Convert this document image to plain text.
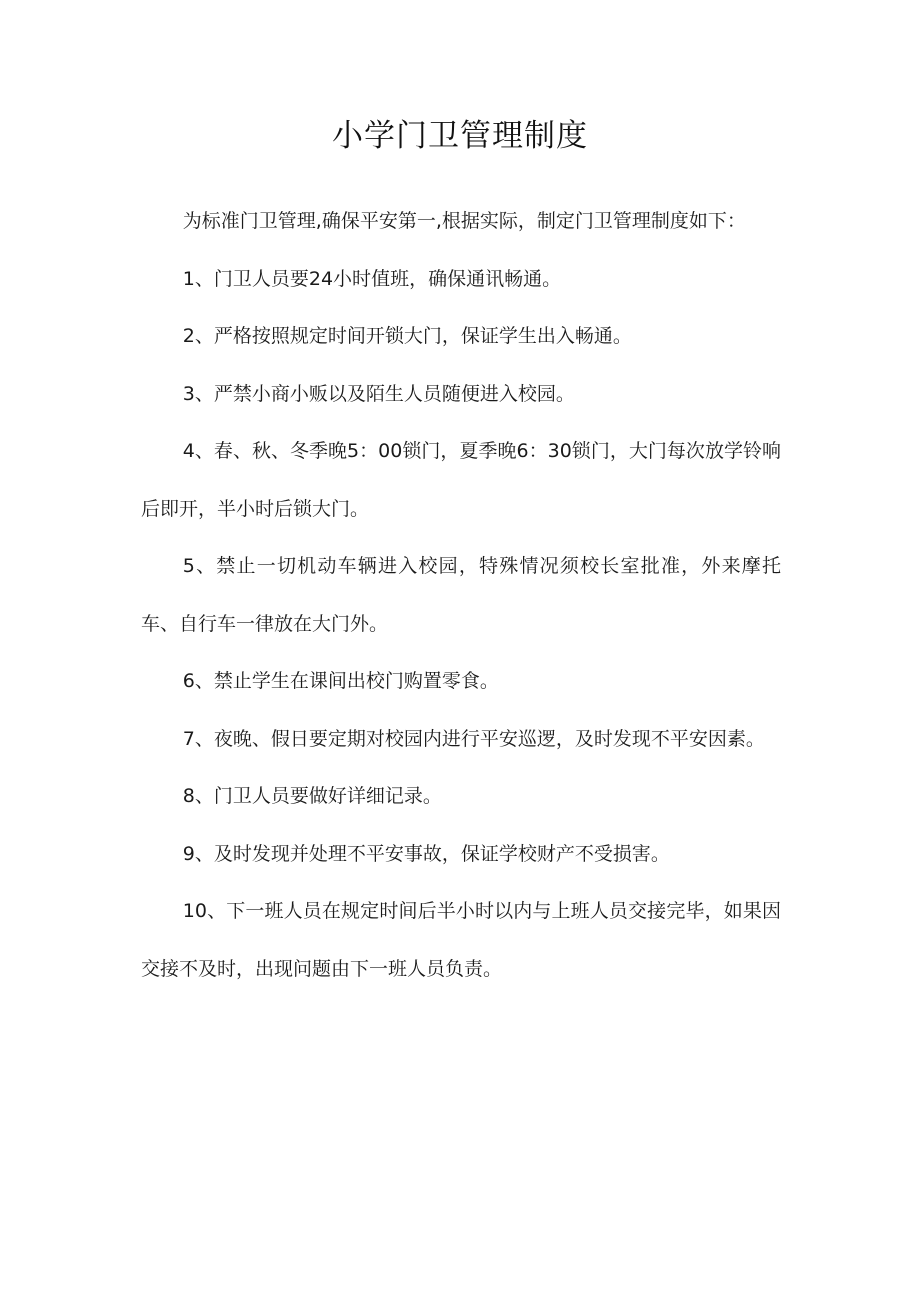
小学门卫管理制度

为标准门卫管理,确保平安第一,根据实际，制定门卫管理制度如下：

1、门卫人员要24小时值班，确保通讯畅通。

2、严格按照规定时间开锁大门，保证学生出入畅通。

3、严禁小商小贩以及陌生人员随便进入校园。

4、春、秋、冬季晚5：00锁门，夏季晚6：30锁门，大门每次放学铃响后即开，半小时后锁大门。

5、禁止一切机动车辆进入校园，特殊情况须校长室批准，外来摩托车、自行车一律放在大门外。

6、禁止学生在课间出校门购置零食。

7、夜晚、假日要定期对校园内进行平安巡逻，及时发现不平安因素。

8、门卫人员要做好详细记录。

9、及时发现并处理不平安事故，保证学校财产不受损害。

10、下一班人员在规定时间后半小时以内与上班人员交接完毕，如果因交接不及时，出现问题由下一班人员负责。
